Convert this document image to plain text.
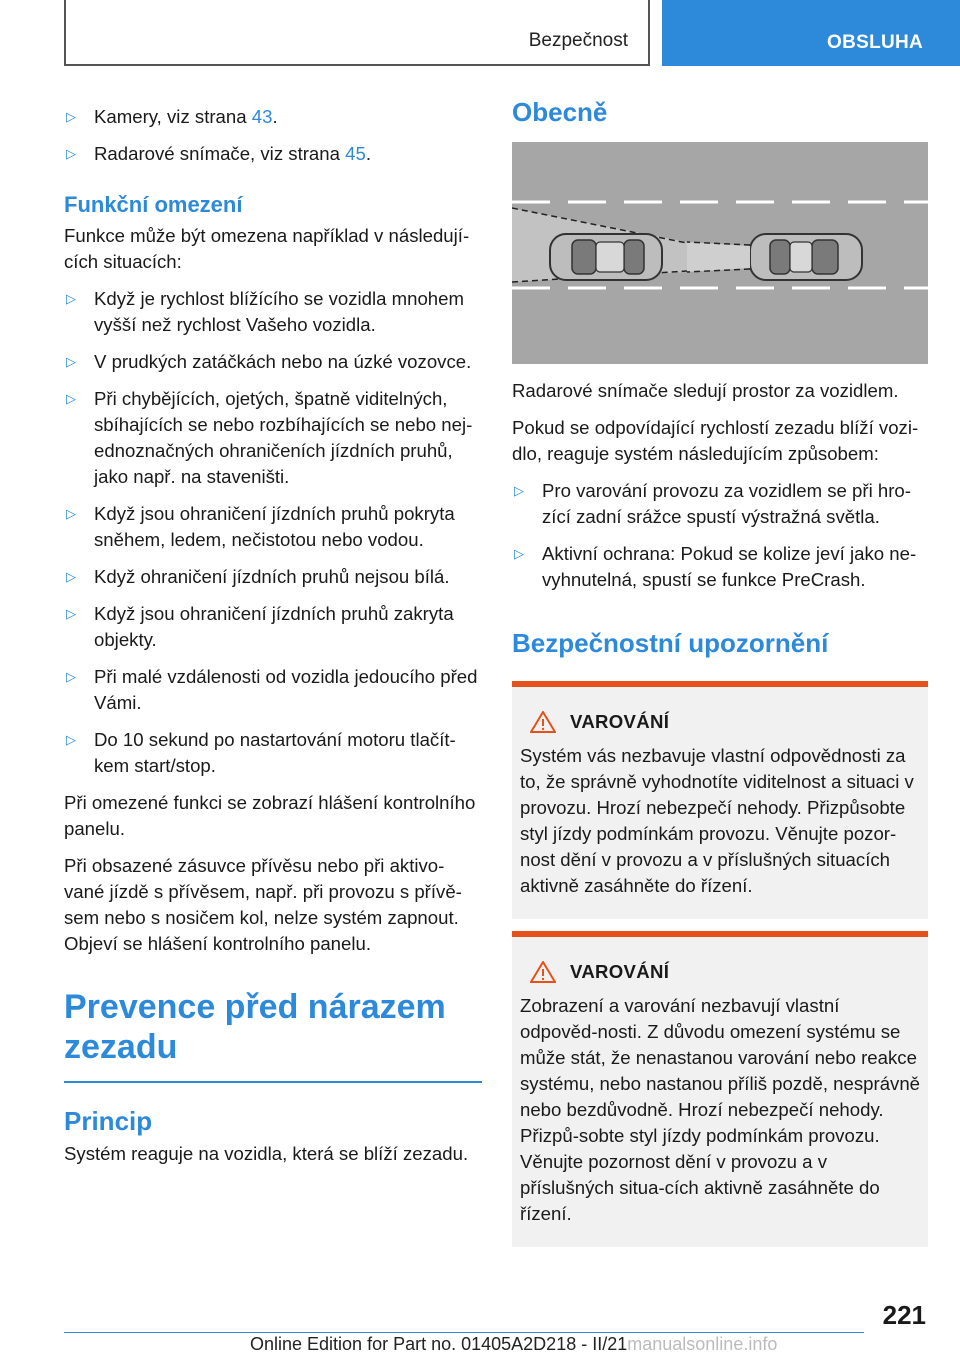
Bezpečnost	OBSLUHA
▷ Kamery, viz strana 43.
▷ Radarové snímače, viz strana 45.
Funkční omezení

Funkce může být omezena například v následují‐cích situacích:

▷ Když je rychlost blížícího se vozidla mnohem vyšší než rychlost Vašeho vozidla.
▷ V prudkých zatáčkách nebo na úzké vozovce.
▷ Při chybějících, ojetých, špatně viditelných, sbíhajících se nebo rozbíhajících se nebo nej‐ednoznačných ohraničeních jízdních pruhů, jako např. na staveništi.
▷ Když jsou ohraničení jízdních pruhů pokryta sněhem, ledem, nečistotou nebo vodou.
▷ Když ohraničení jízdních pruhů nejsou bílá.
▷ Když jsou ohraničení jízdních pruhů zakryta objekty.
▷ Při malé vzdálenosti od vozidla jedoucího před Vámi.
▷ Do 10 sekund po nastartování motoru tlačít‐kem start/stop.

Při omezené funkci se zobrazí hlášení kontrolního panelu.

Při obsazené zásuvce přívěsu nebo při aktivo‐vané jízdě s přívěsem, např. při provozu s přívě‐sem nebo s nosičem kol, nelze systém zapnout. Objeví se hlášení kontrolního panelu.

Prevence před nárazem zezadu
Princip

Systém reaguje na vozidla, která se blíží zezadu.

Obecně

Radarové snímače sledují prostor za vozidlem.

Pokud se odpovídající rychlostí zezadu blíží vozi‐dlo, reaguje systém následujícím způsobem:

▷ Pro varování provozu za vozidlem se při hro‐zící zadní srážce spustí výstražná světla.
▷ Aktivní ochrana: Pokud se kolize jeví jako ne‐vyhnutelná, spustí se funkce PreCrash.
Bezpečnostní upozornění
VAROVÁNÍ
Systém vás nezbavuje vlastní odpovědnosti za to, že správně vyhodnotíte viditelnost a situaci v provozu. Hrozí nebezpečí nehody. Přizpůsobte styl jízdy podmínkám provozu. Věnujte pozor‐nost dění v provozu a v příslušných situacích aktivně zasáhněte do řízení.
VAROVÁNÍ
Zobrazení a varování nezbavují vlastní odpověd‐nosti. Z důvodu omezení systému se může stát, že nenastanou varování nebo reakce systému, nebo nastanou příliš pozdě, nesprávně nebo bezdůvodně. Hrozí nebezpečí nehody. Přizpů‐sobte styl jízdy podmínkám provozu. Věnujte pozornost dění v provozu a v příslušných situa‐cích aktivně zasáhněte do řízení.
221
Online Edition for Part no. 01405A2D218 - II/21manualsonline.info
